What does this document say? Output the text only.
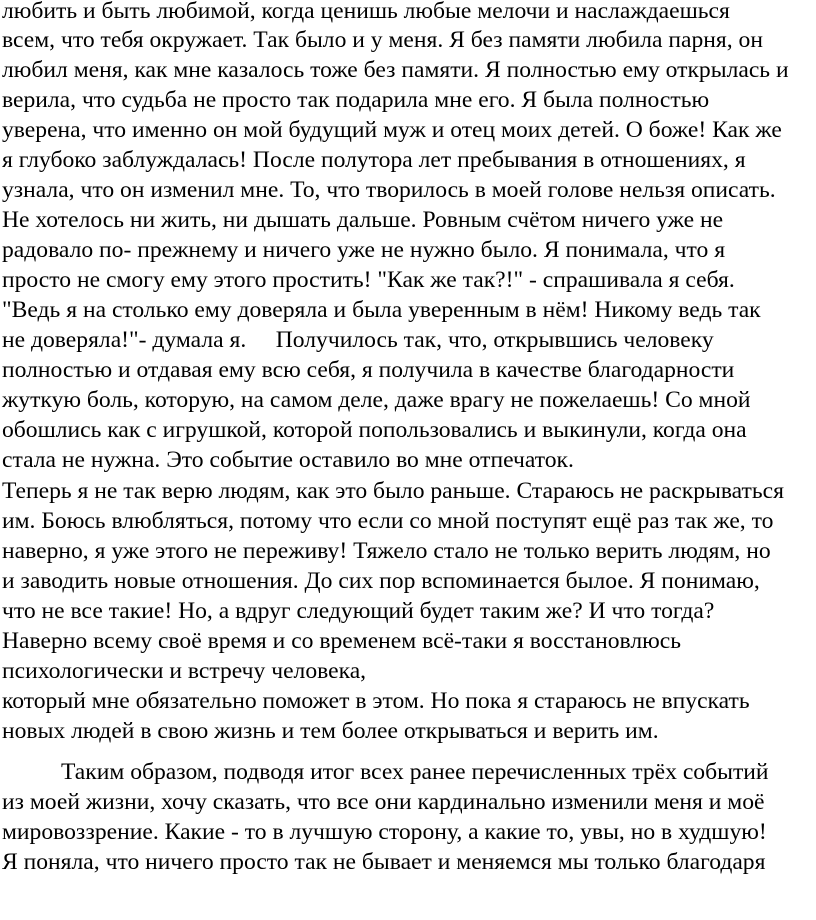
любить и быть любимой, когда ценишь любые мелочи и наслаждаешься

всем, что тебя окружает. Так было и у меня. Я без памяти любила парня, он

любил меня, как мне казалось тоже без памяти. Я полностью ему открылась и

верила, что судьба не просто так подарила мне его. Я была полностью

уверена, что именно он мой будущий муж и отец моих детей. О боже! Как же

я глубоко заблуждалась! После полутора лет пребывания в отношениях, я

узнала, что он изменил мне. То, что творилось в моей голове нельзя описать.

Не хотелось ни жить, ни дышать дальше. Ровным счётом ничего уже не

радовало по- прежнему и ничего уже не нужно было. Я понимала, что я

просто не смогу ему этого простить! "Как же так?!" - спрашивала я себя.

"Ведь я на столько ему доверяла и была уверенным в нём! Никому ведь так

не доверяла!"- думала я.     Получилось так, что, открывшись человеку

полностью и отдавая ему всю себя, я получила в качестве благодарности

жуткую боль, которую, на самом деле, даже врагу не пожелаешь! Со мной

обошлись как с игрушкой, которой попользовались и выкинули, когда она

стала не нужна. Это событие оставило во мне отпечаток.

Теперь я не так верю людям, как это было раньше. Стараюсь не раскрываться

им. Боюсь влюбляться, потому что если со мной поступят ещё раз так же, то

наверно, я уже этого не переживу! Тяжело стало не только верить людям, но

и заводить новые отношения. До сих пор вспоминается былое. Я понимаю,

что не все такие! Но, а вдруг следующий будет таким же? И что тогда?

Наверно всему своё время и со временем всё-таки я восстановлюсь

психологически и встречу человека,

который мне обязательно поможет в этом. Но пока я стараюсь не впускать

новых людей в свою жизнь и тем более открываться и верить им.

Таким образом, подводя итог всех ранее перечисленных трёх событий

из моей жизни, хочу сказать, что все они кардинально изменили меня и моё

мировоззрение. Какие - то в лучшую сторону, а какие то, увы, но в худшую!

Я поняла, что ничего просто так не бывает и меняемся мы только благодаря
